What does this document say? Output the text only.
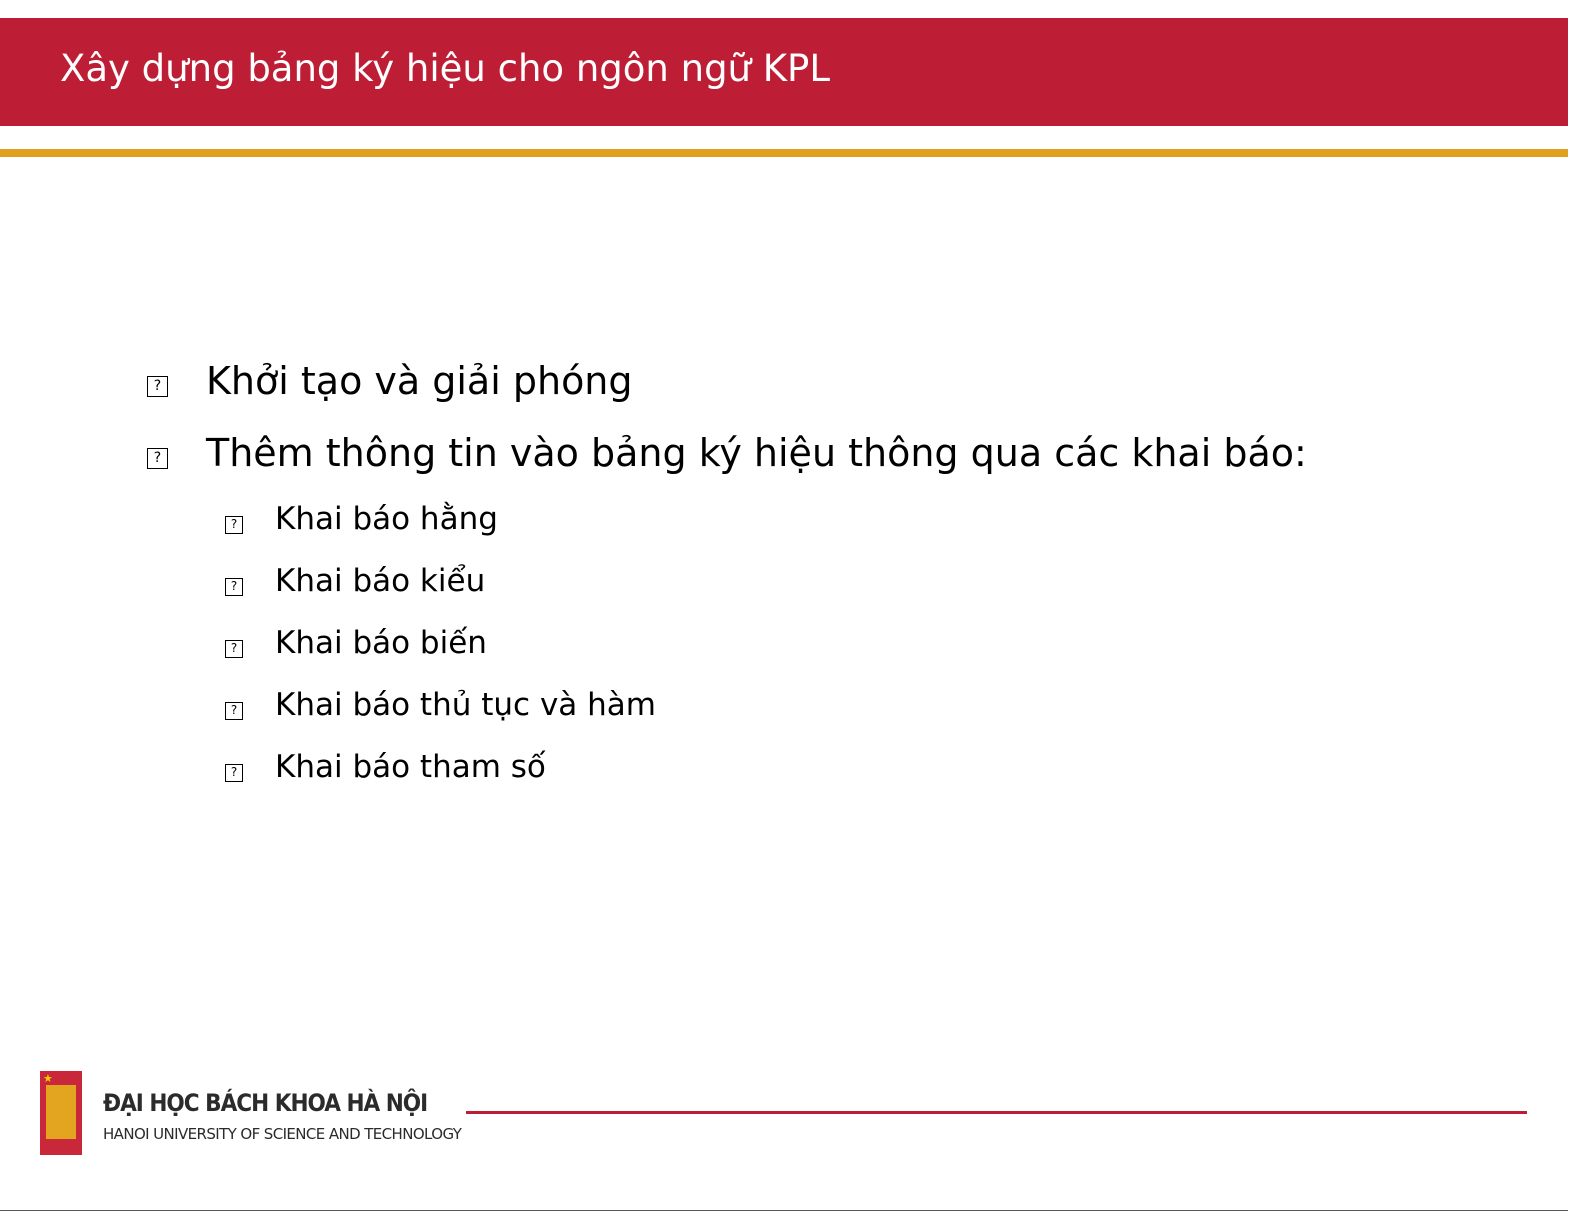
Xây dựng bảng ký hiệu cho ngôn ngữ KPL
? Khởi tạo và giải phóng
? Thêm thông tin vào bảng ký hiệu thông qua các khai báo:
? Khai báo hằng
? Khai báo kiểu
? Khai báo biến
? Khai báo thủ tục và hàm
? Khai báo tham số
★

ĐẠI HỌC BÁCH KHOA HÀ NỘI

HANOI UNIVERSITY OF SCIENCE AND TECHNOLOGY
